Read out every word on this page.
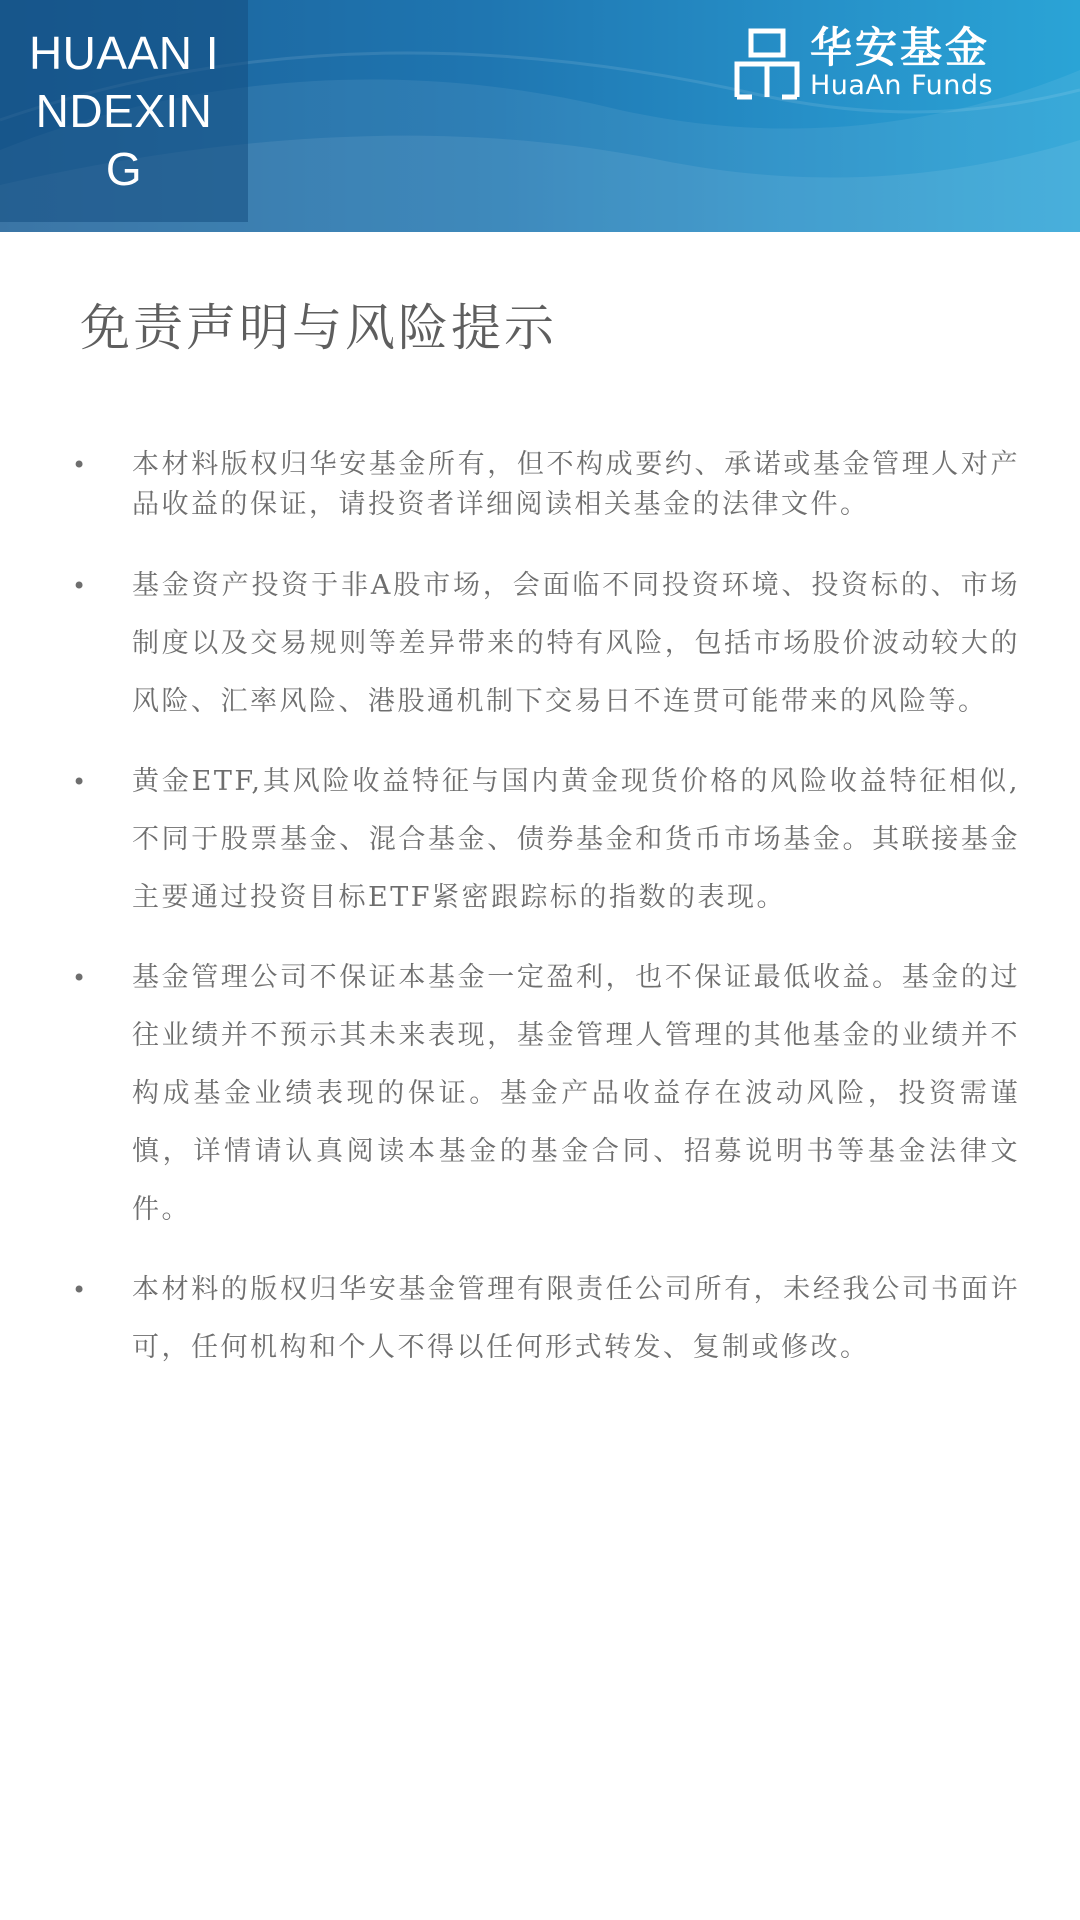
HUAAN INDEXING
华安基金
HuaAn Funds
免责声明与风险提示
• 本材料版权归华安基金所有，但不构成要约、承诺或基金管理人对产品收益的保证，请投资者详细阅读相关基金的法律文件。
• 基金资产投资于非A股市场，会面临不同投资环境、投资标的、市场制度以及交易规则等差异带来的特有风险，包括市场股价波动较大的风险、汇率风险、港股通机制下交易日不连贯可能带来的风险等。
• 黄金ETF,其风险收益特征与国内黄金现货价格的风险收益特征相似,不同于股票基金、混合基金、债券基金和货币市场基金。其联接基金主要通过投资目标ETF紧密跟踪标的指数的表现。
• 基金管理公司不保证本基金一定盈利，也不保证最低收益。基金的过往业绩并不预示其未来表现，基金管理人管理的其他基金的业绩并不构成基金业绩表现的保证。基金产品收益存在波动风险，投资需谨慎，详情请认真阅读本基金的基金合同、招募说明书等基金法律文件。
• 本材料的版权归华安基金管理有限责任公司所有，未经我公司书面许可，任何机构和个人不得以任何形式转发、复制或修改。
